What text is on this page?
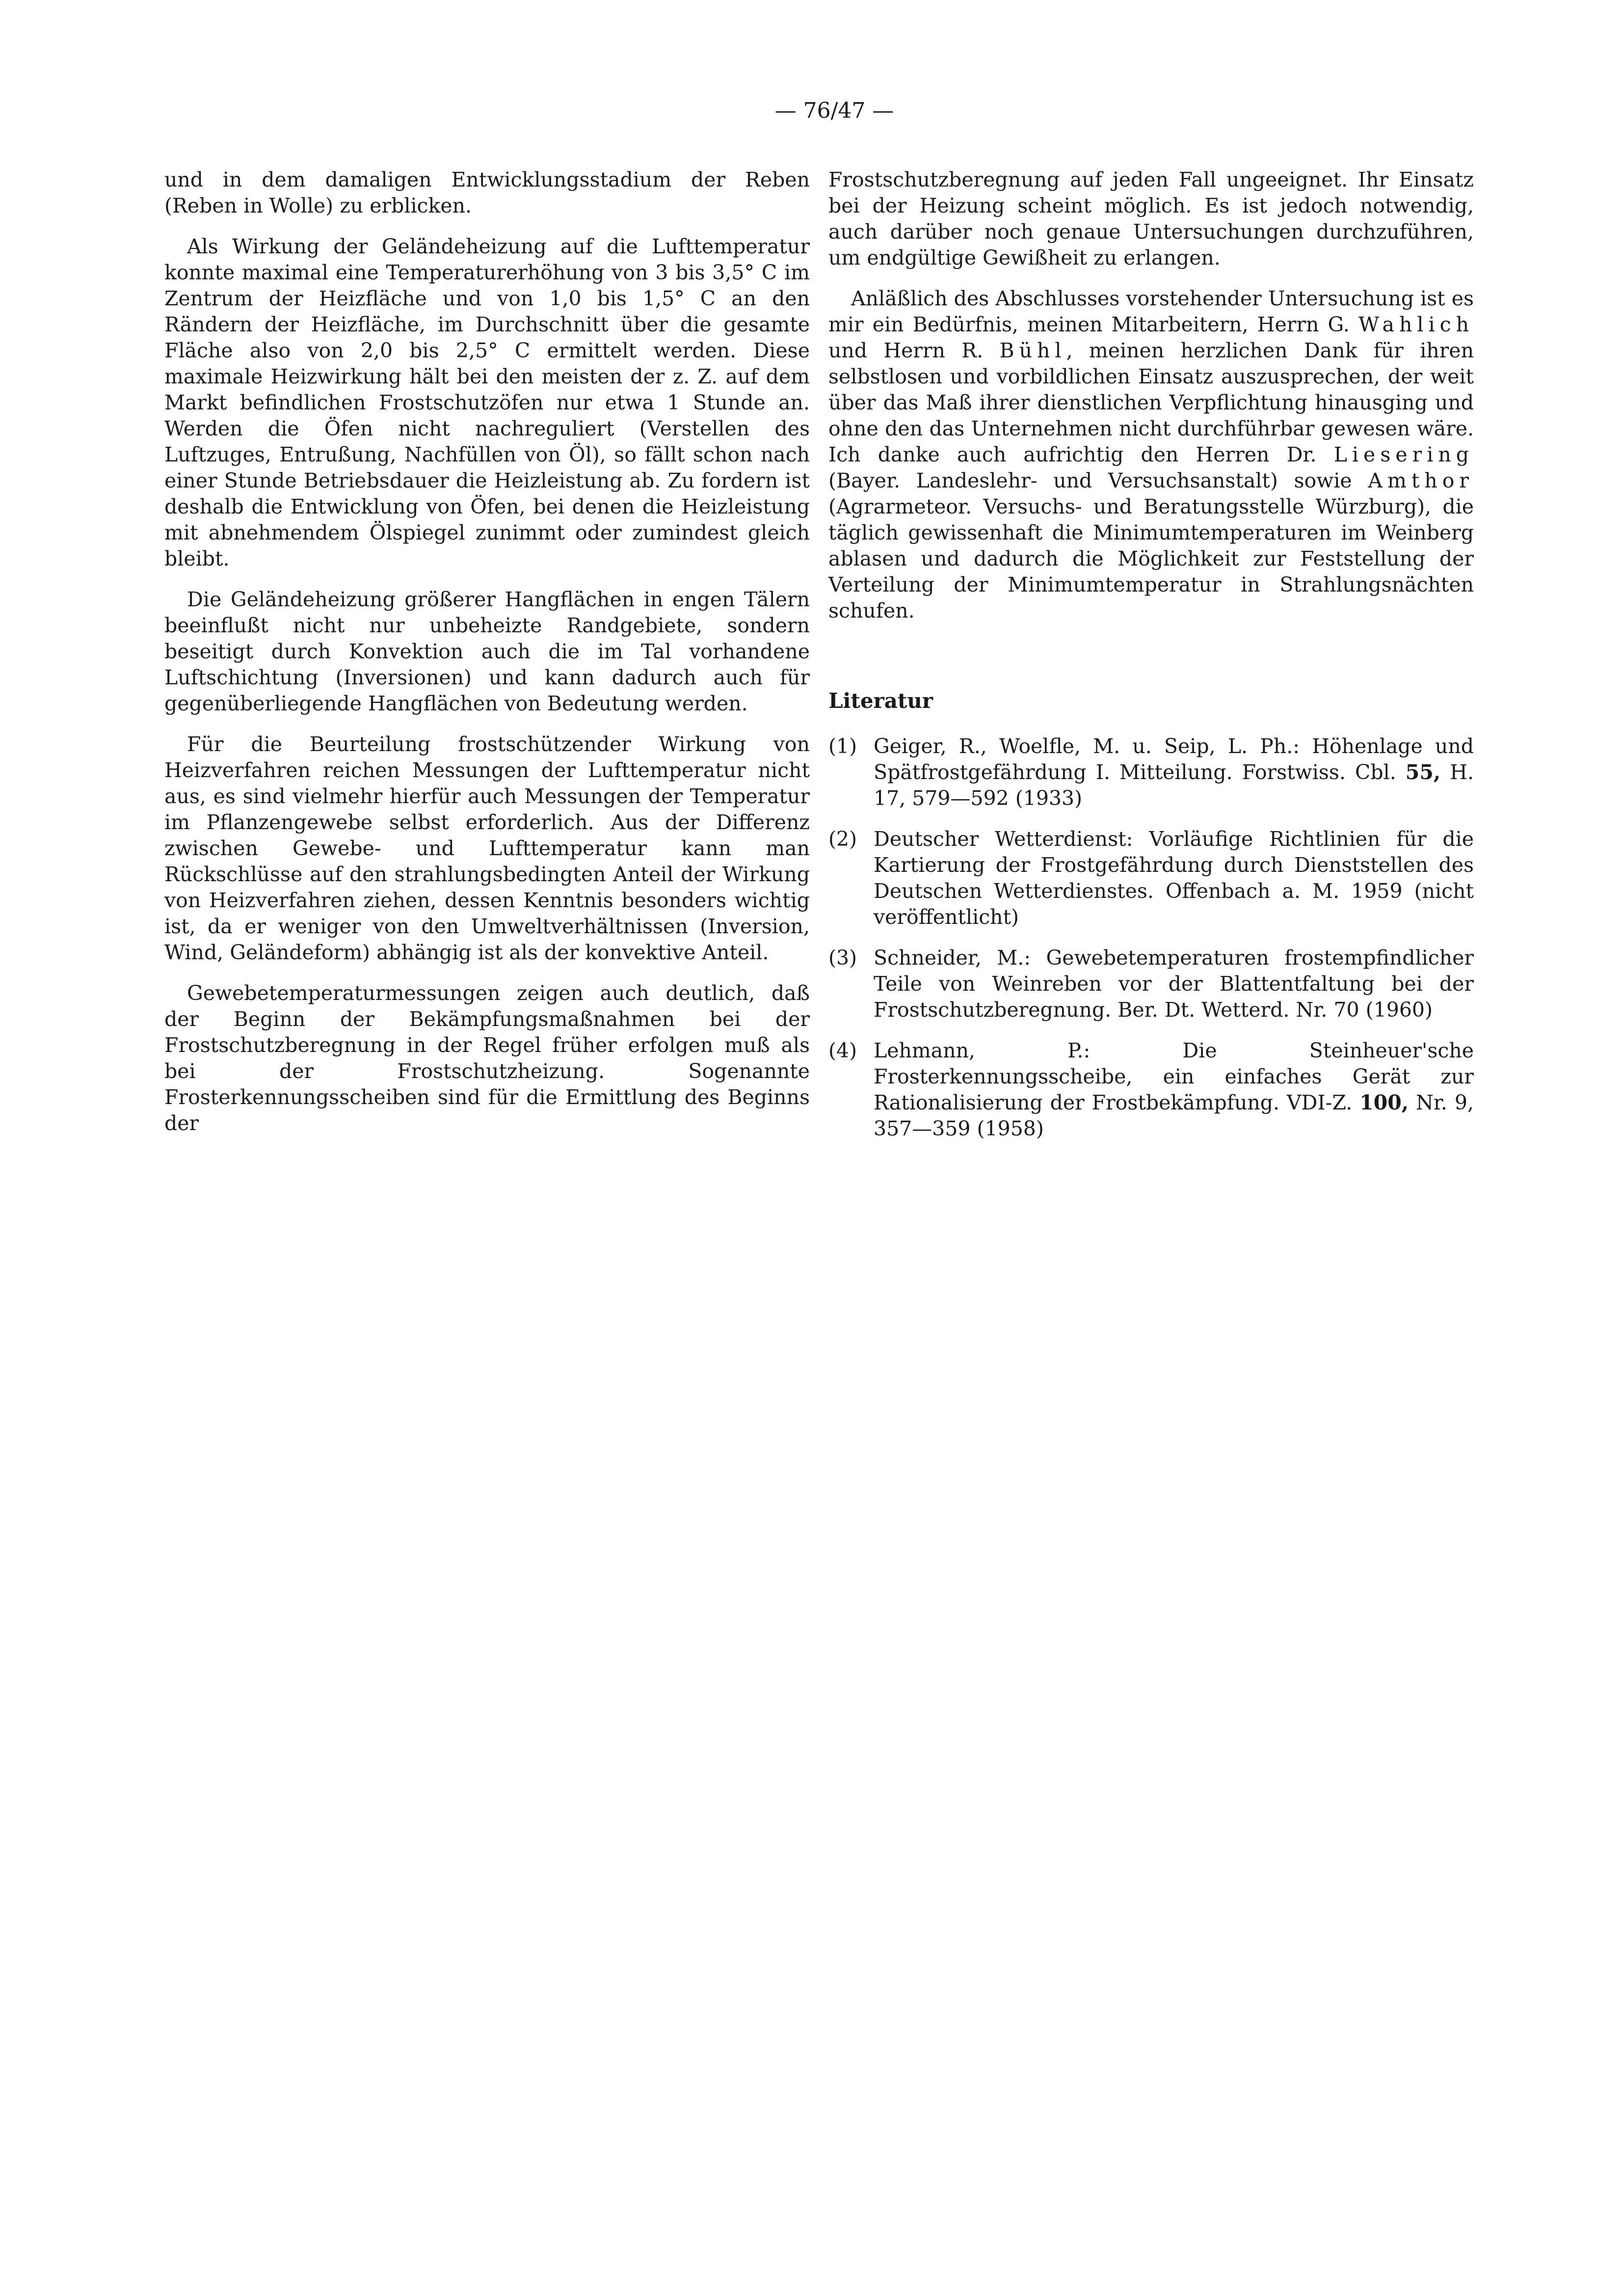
— 76/47 —

und in dem damaligen Entwicklungsstadium der Reben (Reben in Wolle) zu erblicken.

Als Wirkung der Geländeheizung auf die Lufttemperatur konnte maximal eine Temperaturerhöhung von 3 bis 3,5° C im Zentrum der Heizfläche und von 1,0 bis 1,5° C an den Rändern der Heizfläche, im Durchschnitt über die gesamte Fläche also von 2,0 bis 2,5° C ermittelt werden. Diese maximale Heizwirkung hält bei den meisten der z. Z. auf dem Markt befindlichen Frostschutzöfen nur etwa 1 Stunde an. Werden die Öfen nicht nachreguliert (Verstellen des Luftzuges, Entrußung, Nachfüllen von Öl), so fällt schon nach einer Stunde Betriebsdauer die Heizleistung ab. Zu fordern ist deshalb die Entwicklung von Öfen, bei denen die Heizleistung mit abnehmendem Ölspiegel zunimmt oder zumindest gleich bleibt.

Die Geländeheizung größerer Hangflächen in engen Tälern beeinflußt nicht nur unbeheizte Randgebiete, sondern beseitigt durch Konvektion auch die im Tal vorhandene Luftschichtung (Inversionen) und kann dadurch auch für gegenüberliegende Hangflächen von Bedeutung werden.

Für die Beurteilung frostschützender Wirkung von Heizverfahren reichen Messungen der Lufttemperatur nicht aus, es sind vielmehr hierfür auch Messungen der Temperatur im Pflanzengewebe selbst erforderlich. Aus der Differenz zwischen Gewebe- und Lufttemperatur kann man Rückschlüsse auf den strahlungsbedingten Anteil der Wirkung von Heizverfahren ziehen, dessen Kenntnis besonders wichtig ist, da er weniger von den Umweltverhältnissen (Inversion, Wind, Geländeform) abhängig ist als der konvektive Anteil.

Gewebetemperaturmessungen zeigen auch deutlich, daß der Beginn der Bekämpfungsmaßnahmen bei der Frostschutzberegnung in der Regel früher erfolgen muß als bei der Frostschutzheizung. Sogenannte Frosterkennungsscheiben sind für die Ermittlung des Beginns der

Frostschutzberegnung auf jeden Fall ungeeignet. Ihr Einsatz bei der Heizung scheint möglich. Es ist jedoch notwendig, auch darüber noch genaue Untersuchungen durchzuführen, um endgültige Gewißheit zu erlangen.

Anläßlich des Abschlusses vorstehender Untersuchung ist es mir ein Bedürfnis, meinen Mitarbeitern, Herrn G. Wahlich und Herrn R. Bühl, meinen herzlichen Dank für ihren selbstlosen und vorbildlichen Einsatz auszusprechen, der weit über das Maß ihrer dienstlichen Verpflichtung hinausging und ohne den das Unternehmen nicht durchführbar gewesen wäre. Ich danke auch aufrichtig den Herren Dr. Liesering (Bayer. Landeslehr- und Versuchsanstalt) sowie Amthor (Agrarmeteor. Versuchs- und Beratungsstelle Würzburg), die täglich gewissenhaft die Minimumtemperaturen im Weinberg ablasen und dadurch die Möglichkeit zur Feststellung der Verteilung der Minimumtemperatur in Strahlungsnächten schufen.

Literatur
(1) Geiger, R., Woelfle, M. u. Seip, L. Ph.: Höhenlage und Spätfrostgefährdung I. Mitteilung. Forstwiss. Cbl. 55, H. 17, 579—592 (1933)
(2) Deutscher Wetterdienst: Vorläufige Richtlinien für die Kartierung der Frostgefährdung durch Dienststellen des Deutschen Wetterdienstes. Offenbach a. M. 1959 (nicht veröffentlicht)
(3) Schneider, M.: Gewebetemperaturen frostempfindlicher Teile von Weinreben vor der Blattentfaltung bei der Frostschutzberegnung. Ber. Dt. Wetterd. Nr. 70 (1960)
(4) Lehmann, P.: Die Steinheuer'sche Frosterkennungsscheibe, ein einfaches Gerät zur Rationalisierung der Frostbekämpfung. VDI-Z. 100, Nr. 9, 357—359 (1958)
